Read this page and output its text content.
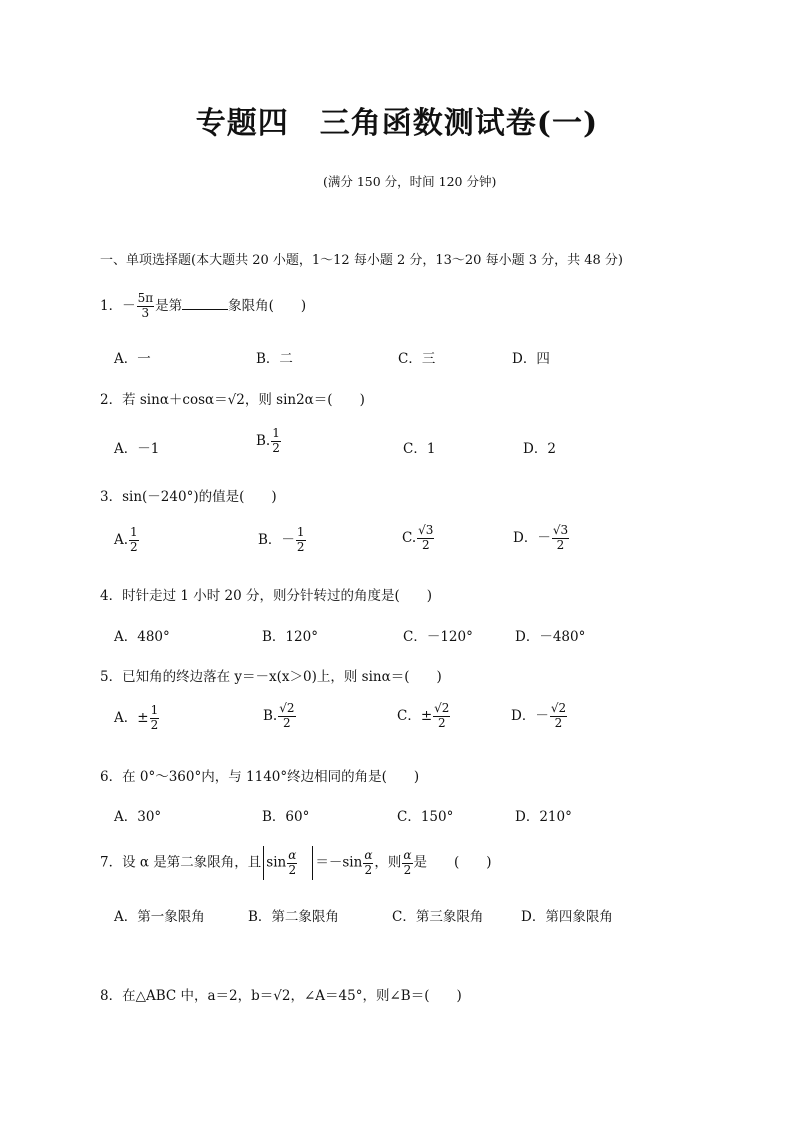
专题四　三角函数测试卷(一)
(满分 150 分，时间 120 分钟)
一、单项选择题(本大题共 20 小题，1～12 每小题 2 分，13～20 每小题 3 分，共 48 分)
1．－ $\frac{5\pi}{3}$ 是第	象限角(　　)
A．一	B．二	C．三	D．四
2．若 sinα＋cosα＝√2，则 sin2α＝(　　)
A．－1
B. $\frac{1}{2}$	C．1	D．2
3．sin(－240°)的值是(　　)
A. $\frac{1}{2}$	B．－ $\frac{1}{2}$	C. $\frac{√3}{2}$	D．－ $\frac{√3}{2}$
4．时针走过 1 小时 20 分，则分针转过的角度是(　　)
A．480°	B．120°	C．－120°	D．－480°
5．已知角的终边落在 y＝－x(x＞0)上，则 sinα＝(　　)
A．± $\frac{1}{2}$	B. $\frac{√2}{2}$	C．± $\frac{√2}{2}$	D．－ $\frac{√2}{2}$
6．在 0°～360°内，与 1140°终边相同的角是(　　)
A．30°	B．60°	C．150°	D．210°
7．设 α 是第二象限角，且 $\sin \frac{\alpha}{2} =-\sin \frac{\alpha}{2}$ ，则 $\frac{\alpha}{2}$ 是　　(　　)
A．第一象限角	B．第二象限角	C．第三象限角	D．第四象限角
8．在△ABC 中，a＝2，b＝√2，∠A＝45°，则∠B＝(　　)
